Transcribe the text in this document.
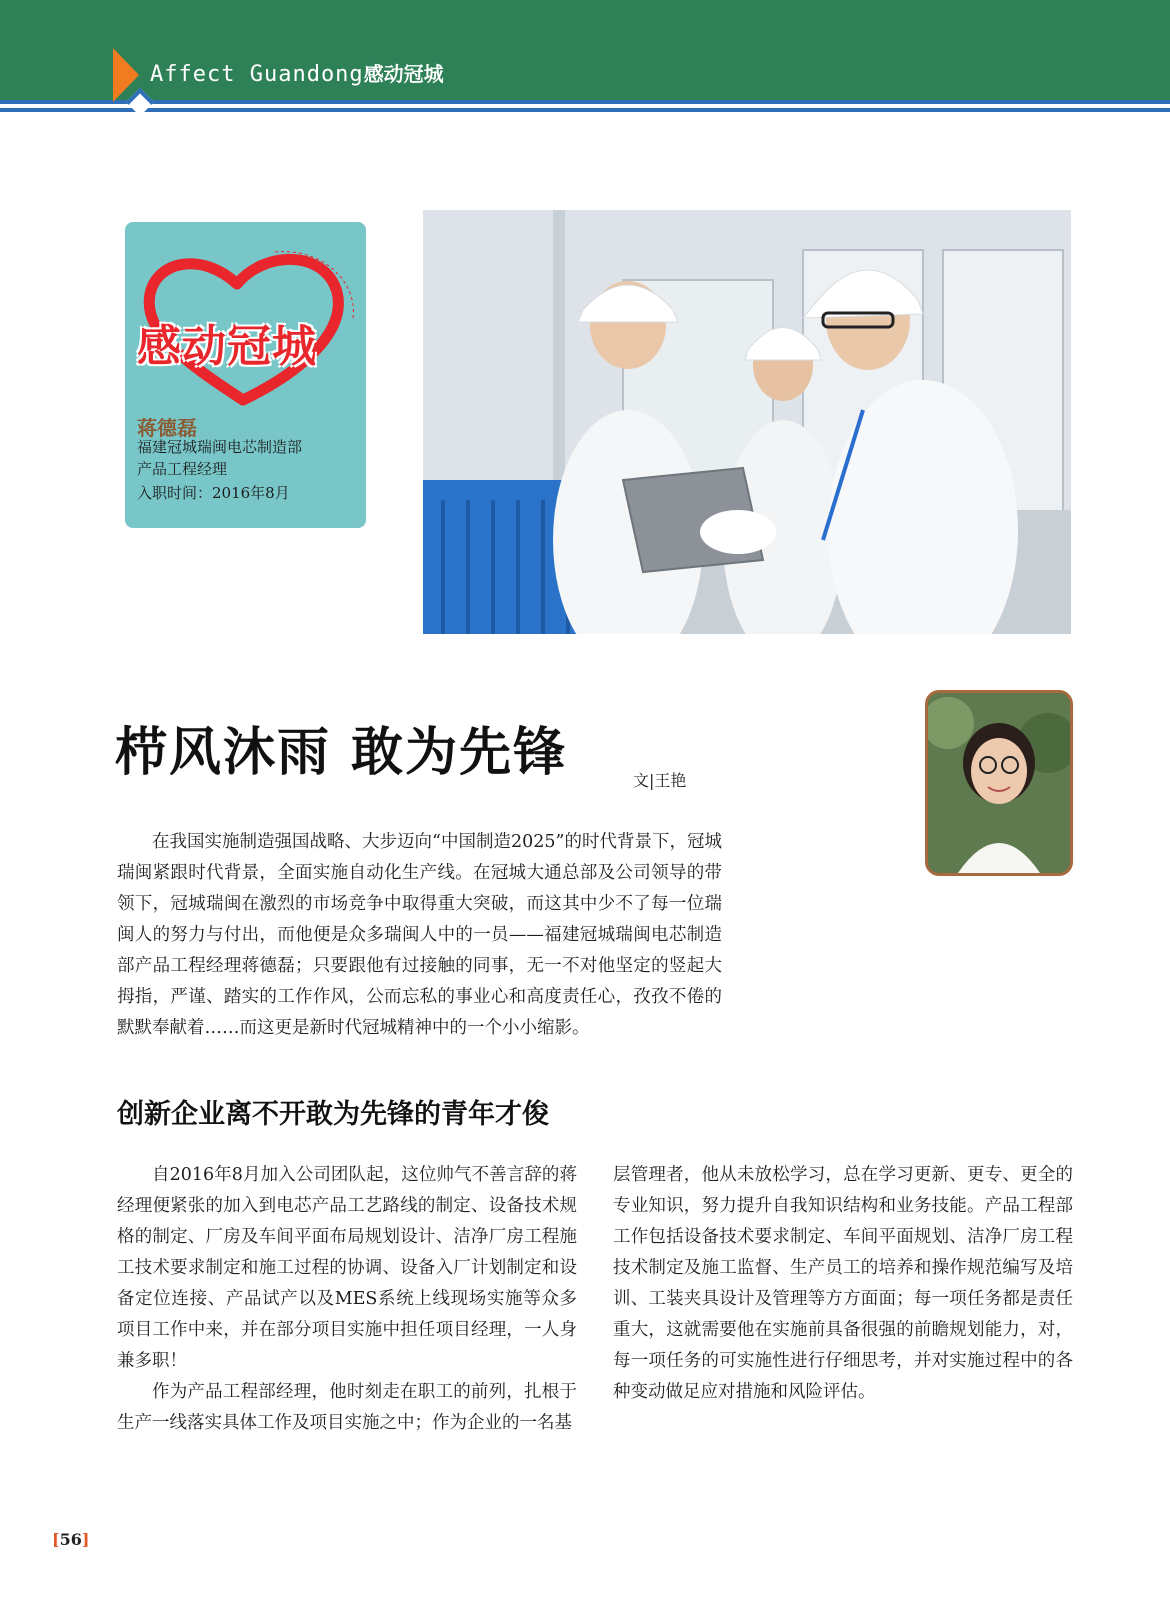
Affect Guandong感动冠城
感动冠城
蒋德磊
福建冠城瑞闽电芯制造部
产品工程经理
入职时间：2016年8月
栉风沐雨 敢为先锋	文|王艳

在我国实施制造强国战略、大步迈向“中国制造2025”的时代背景下，冠城瑞闽紧跟时代背景，全面实施自动化生产线。在冠城大通总部及公司领导的带领下，冠城瑞闽在激烈的市场竞争中取得重大突破，而这其中少不了每一位瑞闽人的努力与付出，而他便是众多瑞闽人中的一员——福建冠城瑞闽电芯制造部产品工程经理蒋德磊；只要跟他有过接触的同事，无一不对他坚定的竖起大拇指，严谨、踏实的工作作风，公而忘私的事业心和高度责任心，孜孜不倦的默默奉献着……而这更是新时代冠城精神中的一个小小缩影。

创新企业离不开敢为先锋的青年才俊

自2016年8月加入公司团队起，这位帅气不善言辞的蒋经理便紧张的加入到电芯产品工艺路线的制定、设备技术规格的制定、厂房及车间平面布局规划设计、洁净厂房工程施工技术要求制定和施工过程的协调、设备入厂计划制定和设备定位连接、产品试产以及MES系统上线现场实施等众多项目工作中来，并在部分项目实施中担任项目经理，一人身兼多职！

作为产品工程部经理，他时刻走在职工的前列，扎根于生产一线落实具体工作及项目实施之中；作为企业的一名基

层管理者，他从未放松学习，总在学习更新、更专、更全的专业知识，努力提升自我知识结构和业务技能。产品工程部工作包括设备技术要求制定、车间平面规划、洁净厂房工程技术制定及施工监督、生产员工的培养和操作规范编写及培训、工装夹具设计及管理等方方面面；每一项任务都是责任重大，这就需要他在实施前具备很强的前瞻规划能力，对，每一项任务的可实施性进行仔细思考，并对实施过程中的各种变动做足应对措施和风险评估。

[56]
